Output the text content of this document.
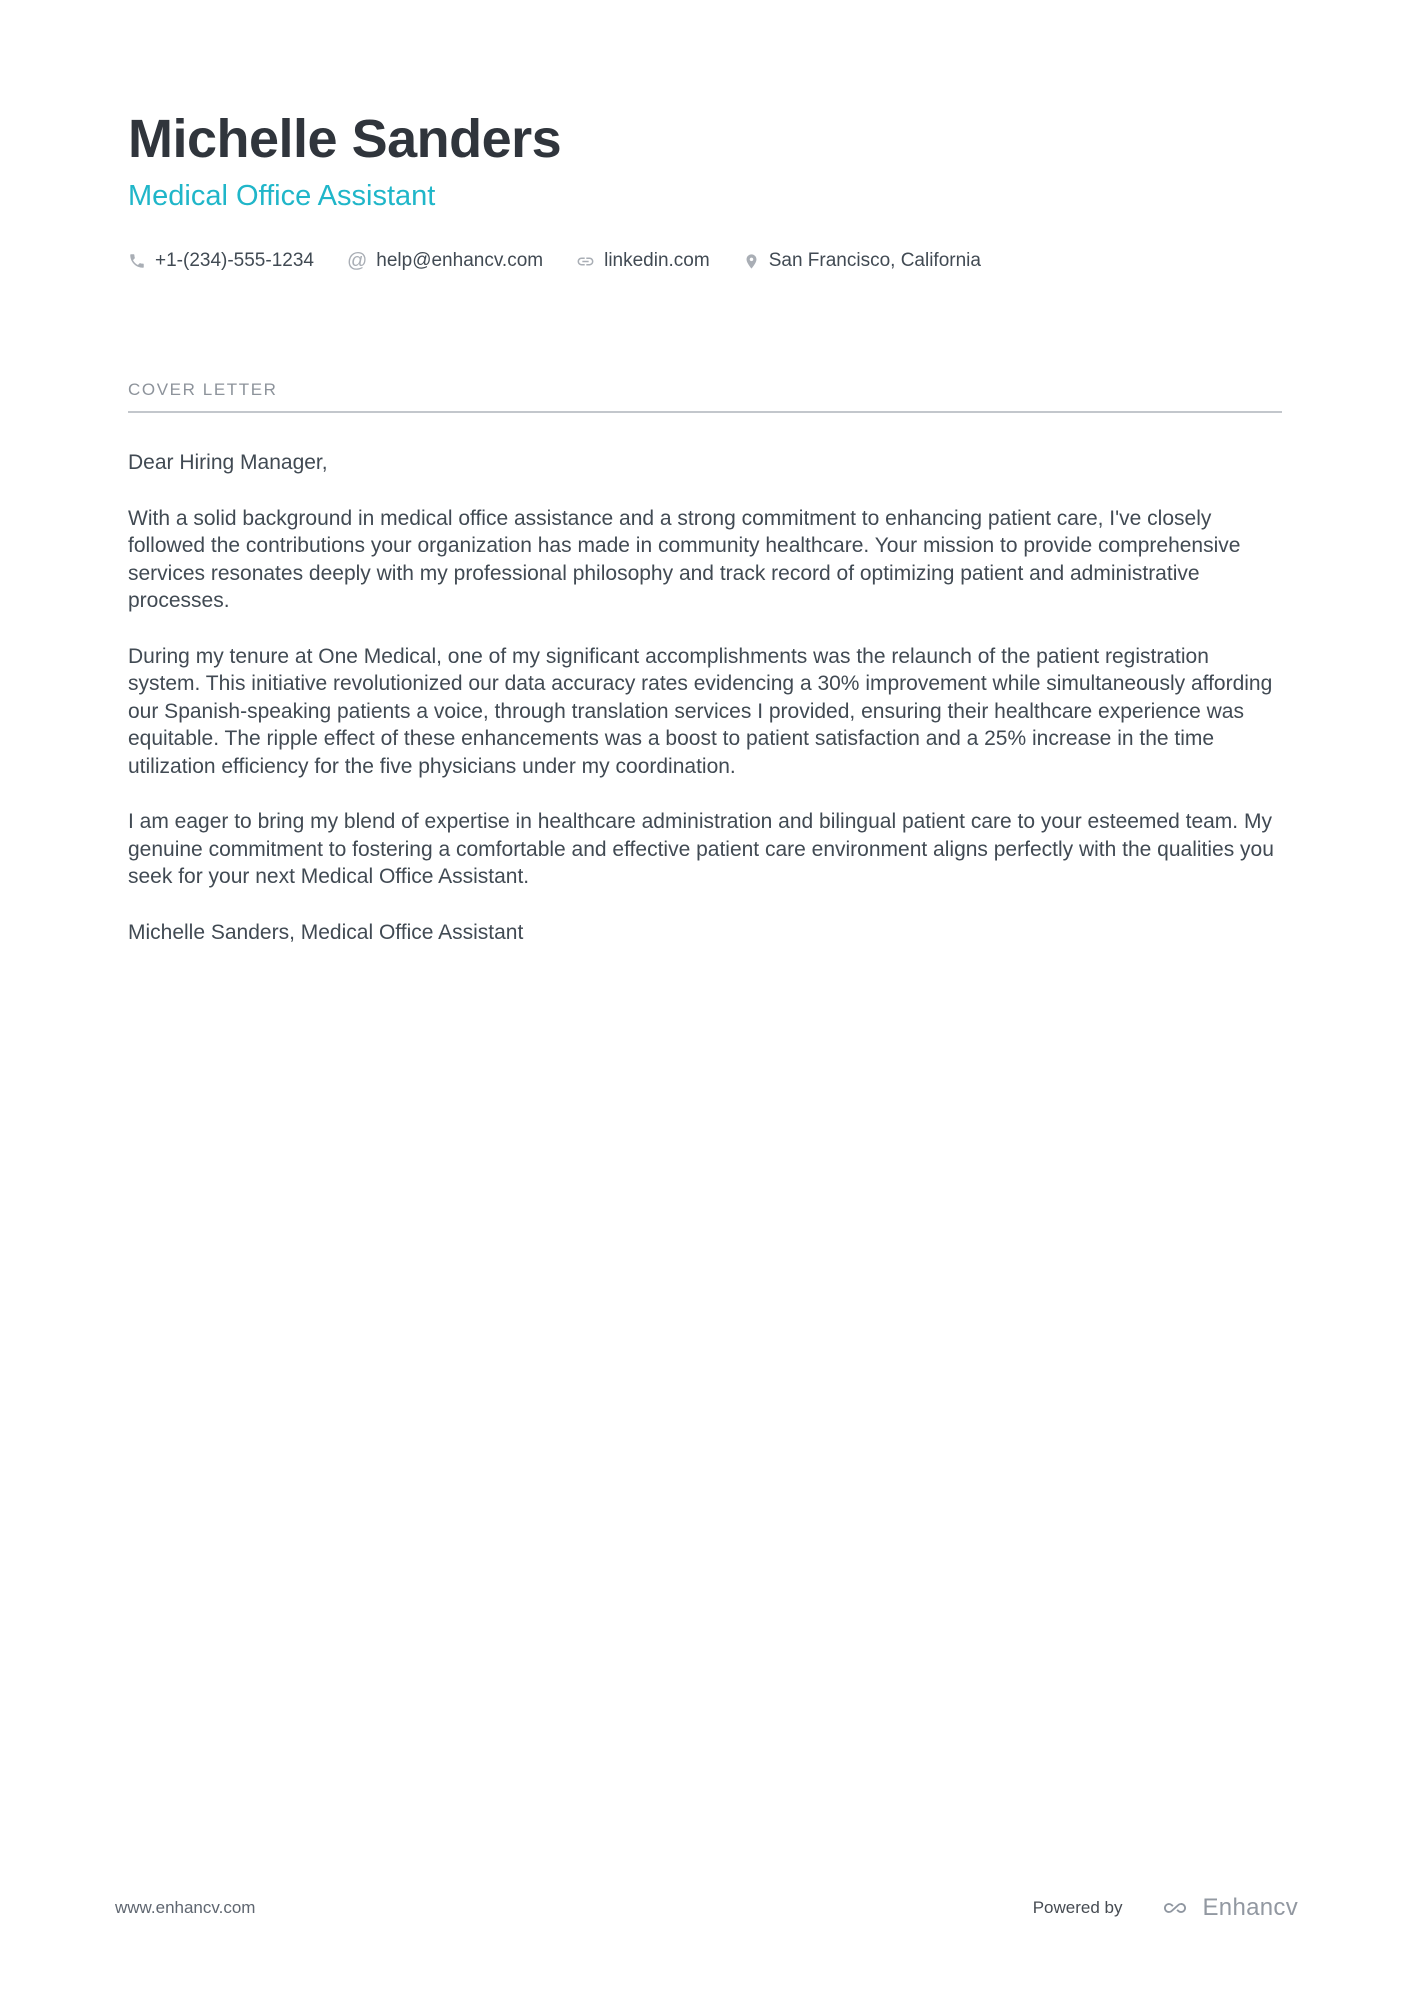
Michelle Sanders
Medical Office Assistant
+1-(234)-555-1234 @ help@enhancv.com	linkedin.com	San Francisco, California
COVER LETTER

Dear Hiring Manager,

With a solid background in medical office assistance and a strong commitment to enhancing patient care, I've closely followed the contributions your organization has made in community healthcare. Your mission to provide comprehensive services resonates deeply with my professional philosophy and track record of optimizing patient and administrative processes.

During my tenure at One Medical, one of my significant accomplishments was the relaunch of the patient registration system. This initiative revolutionized our data accuracy rates evidencing a 30% improvement while simultaneously affording our Spanish-speaking patients a voice, through translation services I provided, ensuring their healthcare experience was equitable. The ripple effect of these enhancements was a boost to patient satisfaction and a 25% increase in the time utilization efficiency for the five physicians under my coordination.

I am eager to bring my blend of expertise in healthcare administration and bilingual patient care to your esteemed team. My genuine commitment to fostering a comfortable and effective patient care environment aligns perfectly with the qualities you seek for your next Medical Office Assistant.

Michelle Sanders, Medical Office Assistant

www.enhancv.com	Powered by	Enhancv
